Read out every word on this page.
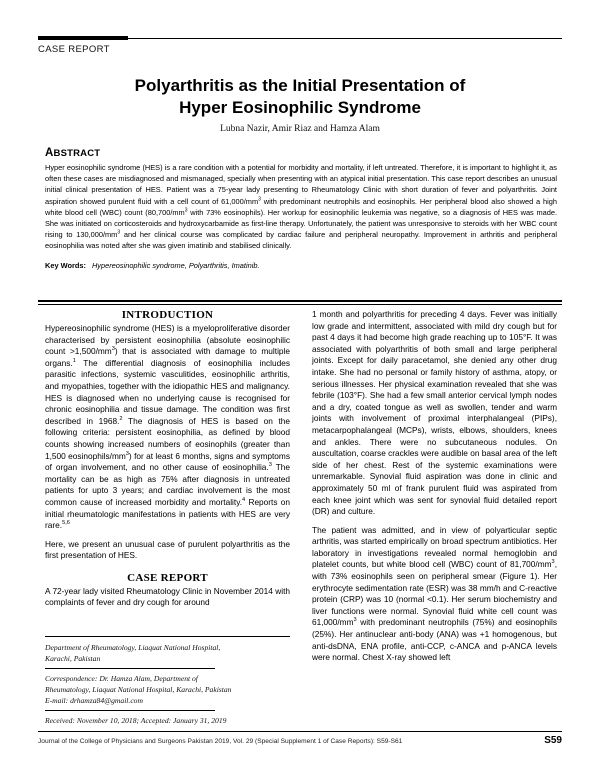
CASE REPORT
Polyarthritis as the Initial Presentation of
Hyper Eosinophilic Syndrome
Lubna Nazir, Amir Riaz and Hamza Alam
ABSTRACT
Hyper eosinophilic syndrome (HES) is a rare condition with a potential for morbidity and mortality, if left untreated. Therefore, it is important to highlight it, as often these cases are misdiagnosed and mismanaged, specially when presenting with an atypical initial presentation. This case report describes an unusual initial clinical presentation of HES. Patient was a 75-year lady presenting to Rheumatology Clinic with short duration of fever and polyarthritis. Joint aspiration showed purulent fluid with a cell count of $61,000/mm^3$ with predominant neutrophils and eosinophils. Her peripheral blood also showed a high white blood cell (WBC) count ($80,700/mm^3$ with 73% eosinophils). Her workup for eosinophilic leukemia was negative, so a diagnosis of HES was made. She was initiated on corticosteroids and hydroxycarbamide as first-line therapy. Unfortunately, the patient was unresponsive to steroids with her WBC count rising to $130,000/mm^3$ and her clinical course was complicated by cardiac failure and peripheral neuropathy. Improvement in arthritis and peripheral eosinophilia was noted after she was given imatinib and stabilised clinically.
Key Words: Hypereosinophilic syndrome, Polyarthritis, Imatinib.
INTRODUCTION

Hypereosinophilic syndrome (HES) is a myeloproliferative disorder characterised by persistent eosinophilia (absolute eosinophilic count $>1,500/mm^3$) that is associated with damage to multiple organs.$^1$ The differential diagnosis of eosinophilia includes parasitic infections, systemic vasculitides, eosinophilic arthritis, and myopathies, together with the idiopathic HES and malignancy. HES is diagnosed when no underlying cause is recognised for chronic eosinophilia and tissue damage. The condition was first described in 1968.$^2$ The diagnosis of HES is based on the following criteria: persistent eosinophilia, as defined by blood counts showing increased numbers of eosinophils (greater than 1,500 eosinophils/$mm^3$) for at least 6 months, signs and symptoms of organ involvement, and no other cause of eosinophilia.$^3$ The mortality can be as high as 75% after diagnosis in untreated patients for upto 3 years; and cardiac involvement is the most common cause of increased morbidity and mortality.$^4$ Reports on initial rheumatologic manifestations in patients with HES are very rare.$^{5,6}$

Here, we present an unusual case of purulent polyarthritis as the first presentation of HES.

CASE REPORT

A 72-year lady visited Rheumatology Clinic in November 2014 with complaints of fever and dry cough for around

1 month and polyarthritis for preceding 4 days. Fever was initially low grade and intermittent, associated with mild dry cough but for past 4 days it had become high grade reaching up to 105°F. It was associated with polyarthritis of both small and large peripheral joints. Except for daily paracetamol, she denied any other drug intake. She had no personal or family history of asthma, atopy, or serious illnesses. Her physical examination revealed that she was febrile (103°F). She had a few small anterior cervical lymph nodes and a dry, coated tongue as well as swollen, tender and warm joints with involvement of proximal interphalangeal (PIPs), metacarpophalangeal (MCPs), wrists, elbows, shoulders, knees and ankles. There were no subcutaneous nodules. On auscultation, coarse crackles were audible on basal area of the left side of her chest. Rest of the systemic examinations were unremarkable. Synovial fluid aspiration was done in clinic and approximately 50 ml of frank purulent fluid was aspirated from each knee joint which was sent for synovial fluid detailed report (DR) and culture.

The patient was admitted, and in view of polyarticular septic arthritis, was started empirically on broad spectrum antibiotics. Her laboratory in investigations revealed normal hemoglobin and platelet counts, but white blood cell (WBC) count of $81,700/mm^3$, with 73% eosinophils seen on peripheral smear (Figure 1). Her erythrocyte sedimentation rate (ESR) was 38 mm/h and C-reactive protein (CRP) was 10 (normal <0.1). Her serum biochemistry and liver functions were normal. Synovial fluid white cell count was $61,000/mm^3$ with predominant neutrophils (75%) and eosinophils (25%). Her antinuclear anti-body (ANA) was +1 homogenous, but anti-dsDNA, ENA profile, anti-CCP, c-ANCA and p-ANCA levels were normal. Chest X-ray showed left

Department of Rheumatology, Liaquat National Hospital,
Karachi, Pakistan
Correspondence: Dr. Hamza Alam, Department of
Rheumatology, Liaquat National Hospital, Karachi, Pakistan
E-mail: drhamza84@gmail.com
Received: November 10, 2018; Accepted: January 31, 2019
Journal of the College of Physicians and Surgeons Pakistan 2019, Vol. 29 (Special Supplement 1 of Case Reports): S59-S61	S59
